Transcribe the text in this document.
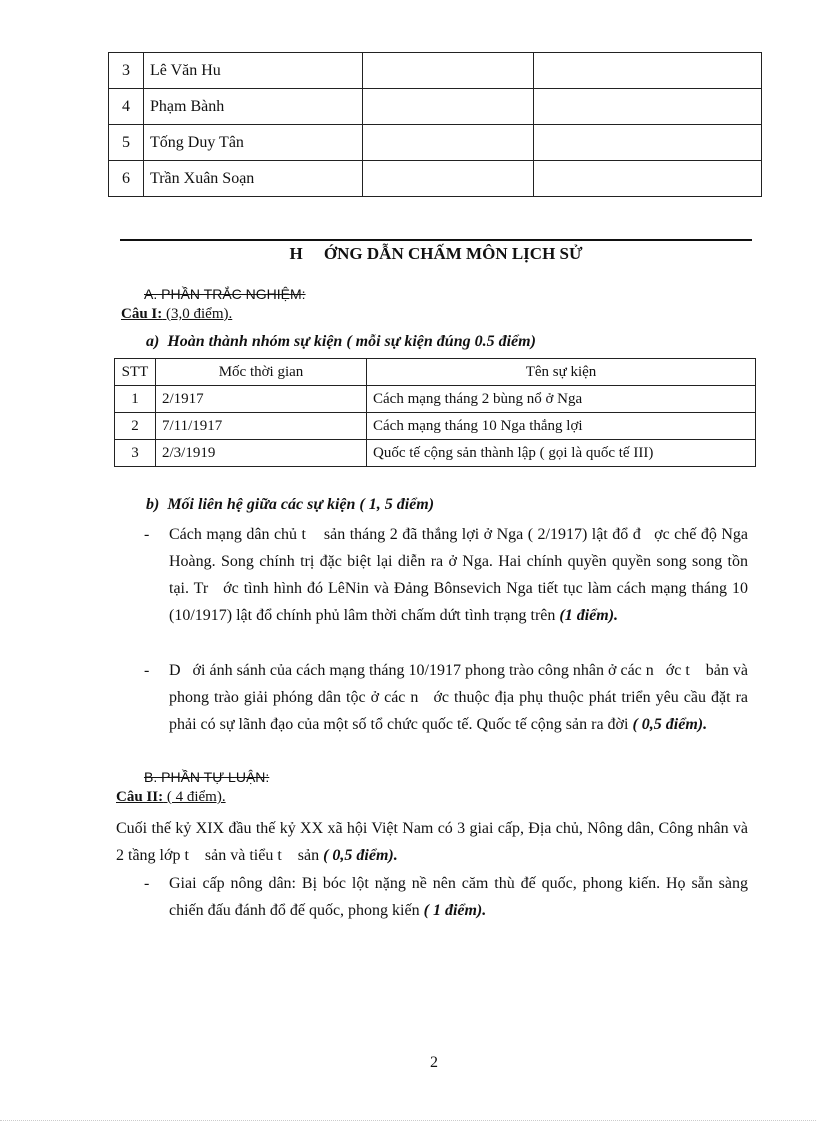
3	Lê Văn Hu		
4	Phạm Bành		
5	Tống Duy Tân		
6	Trần Xuân Soạn		
H     ỚNG DẪN CHẤM MÔN LỊCH SỬ
A. PHẦN TRẮC NGHIỆM:
Câu I: (3,0 điểm).
a)  Hoàn thành nhóm sự kiện ( mỗi sự kiện đúng 0.5 điểm)
STT	Mốc thời gian	Tên sự kiện
1	2/1917	Cách mạng tháng 2 bùng nổ ở Nga
2	7/11/1917	Cách mạng tháng 10 Nga thắng lợi
3	2/3/1919	Quốc tế cộng sản thành lập ( gọi là quốc tế III)
b)  Mối liên hệ giữa các sự kiện ( 1, 5 điểm)
- Cách mạng dân chủ t    sản tháng 2 đã thắng lợi ở Nga ( 2/1917) lật đổ đ   ợc chế độ Nga Hoàng. Song chính trị đặc biệt lại diễn ra ở Nga. Hai chính quyền quyền song song tồn tại. Tr   ớc tình hình đó LêNin và Đảng Bônsevich Nga tiết tục làm cách mạng tháng 10 (10/1917) lật đổ chính phủ lâm thời chấm dứt tình trạng trên (1 điểm).
- D   ới ánh sánh của cách mạng tháng 10/1917 phong trào công nhân ở các n   ớc t    bản và phong trào giải phóng dân tộc ở các n   ớc thuộc địa phụ thuộc phát triển yêu cầu đặt ra phải có sự lãnh đạo của một số tổ chức quốc tế. Quốc tế cộng sản ra đời ( 0,5 điểm).
B. PHẦN TỰ LUẬN:
Câu II: ( 4 điểm).
Cuối thế kỷ XIX đầu thế kỷ XX xã hội Việt Nam có 3 giai cấp, Địa chủ, Nông dân, Công nhân và 2 tầng lớp t    sản và tiểu t    sản ( 0,5 điểm).
- Giai cấp nông dân: Bị bóc lột nặng nề nên căm thù đế quốc, phong kiến. Họ sẵn sàng chiến đấu đánh đổ đế quốc, phong kiến ( 1 điểm).
2
